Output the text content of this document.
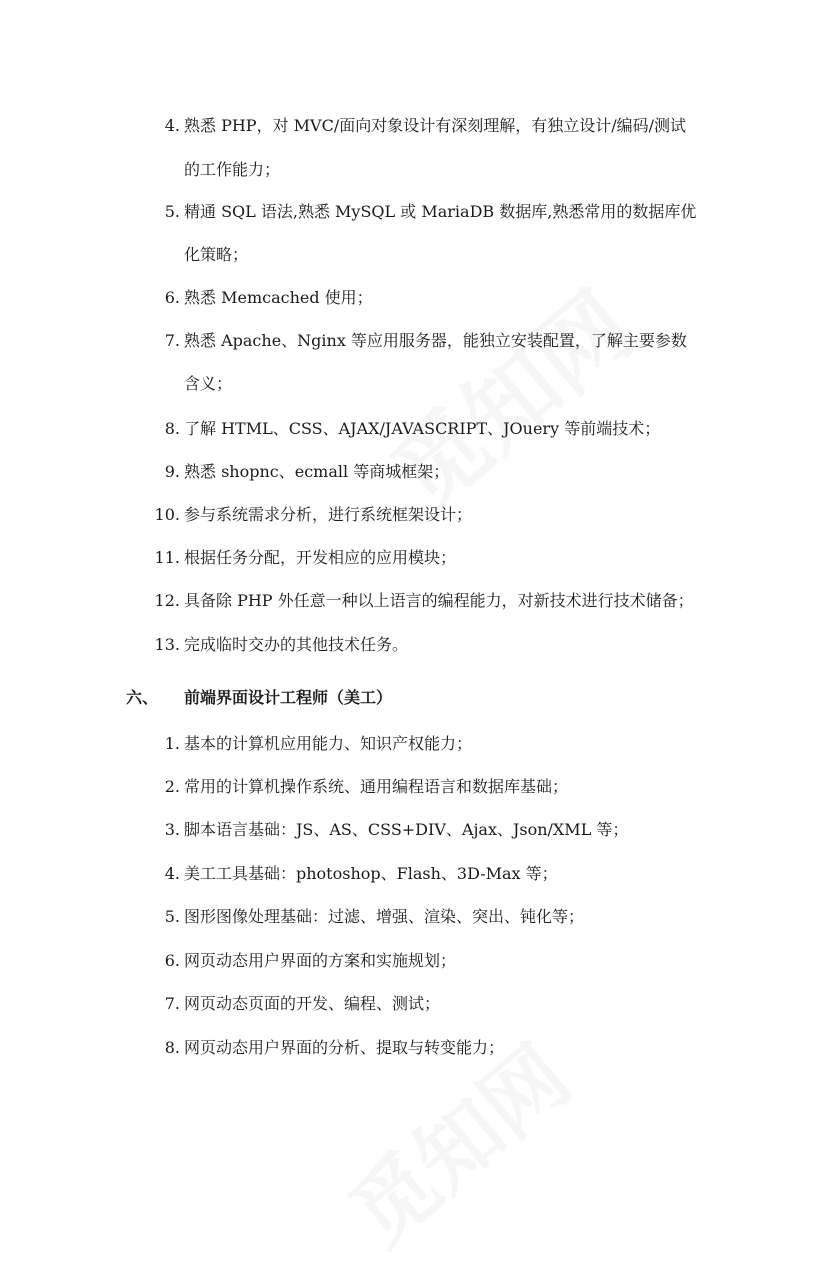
4. 熟悉 PHP，对 MVC/面向对象设计有深刻理解，有独立设计/编码/测试
的工作能力；
5. 精通 SQL 语法,熟悉 MySQL 或 MariaDB 数据库,熟悉常用的数据库优
化策略；
6. 熟悉 Memcached 使用；
7. 熟悉 Apache、Nginx 等应用服务器，能独立安装配置，了解主要参数
含义；
8. 了解 HTML、CSS、AJAX/JAVASCRIPT、JOuery 等前端技术；
9. 熟悉 shopnc、ecmall 等商城框架；
10. 参与系统需求分析，进行系统框架设计；
11. 根据任务分配，开发相应的应用模块；
12. 具备除 PHP 外任意一种以上语言的编程能力，对新技术进行技术储备；
13. 完成临时交办的其他技术任务。
六、 前端界面设计工程师（美工）
1. 基本的计算机应用能力、知识产权能力；
2. 常用的计算机操作系统、通用编程语言和数据库基础；
3. 脚本语言基础：JS、AS、CSS+DIV、Ajax、Json/XML 等；
4. 美工工具基础：photoshop、Flash、3D-Max 等；
5. 图形图像处理基础：过滤、增强、渲染、突出、钝化等；
6. 网页动态用户界面的方案和实施规划；
7. 网页动态页面的开发、编程、测试；
8. 网页动态用户界面的分析、提取与转变能力；
